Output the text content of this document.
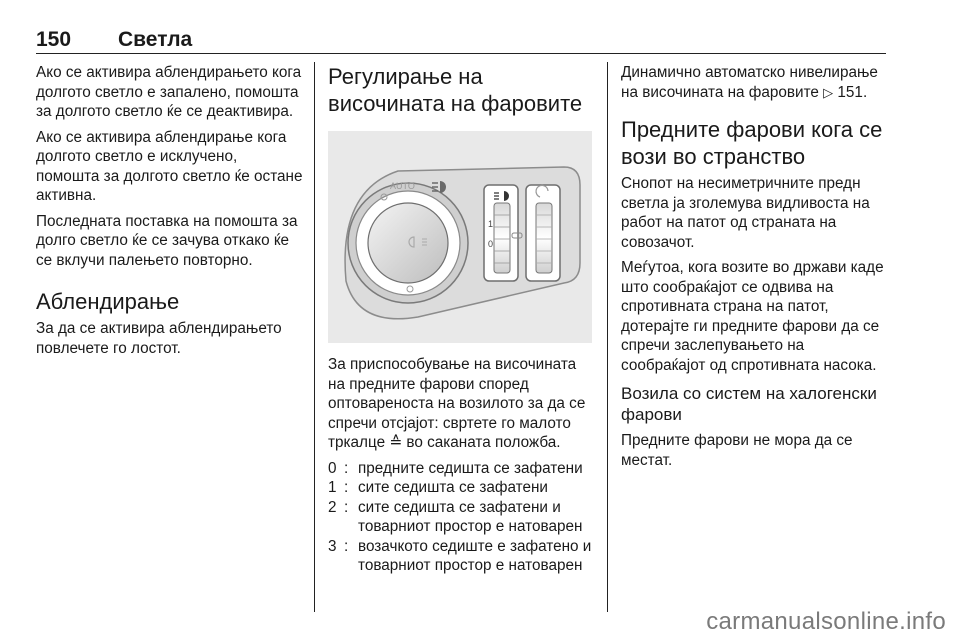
150 Светла

Ако се активира аблендирањето кога долгото светло е запалено, помошта за долгото светло ќе се деактивира.

Ако се активира аблендирање кога долгото светло е исклучено, помошта за долгото светло ќе остане активна.

Последната поставка на помошта за долго светло ќе се зачува откако ќе се вклучи палењето повторно.

Аблендирање

За да се активира аблендирањето повлечете го лостот.

Регулирање на височината на фаровите
AUTO
1
0

За приспособување на височината на предните фарови според оптовареноста на возилото за да се спречи отсјајот: свртете го малото тркалце ≙ во саканата положба.

0 : предните седишта се зафатени
1 : сите седишта се зафатени
2 : сите седишта се зафатени и товарниот простор е натоварен
3 : возачкото седиште е зафатено и товарниот простор е натоварен

Динамично автоматско нивелирање на височината на фаровите ▷ 151.

Предните фарови кога се вози во странство

Снопот на несиметричните предн светла ја зголемува видливоста на работ на патот од страната на совозачот.

Меѓутоа, кога возите во држави каде што сообраќајот се одвива на спротивната страна на патот, дотерајте ги предните фарови да се спречи заслепувањето на сообраќајот од спротивната насока.

Возила со систем на халогенски фарови

Предните фарови не мора да се местат.

carmanualsonline.info
